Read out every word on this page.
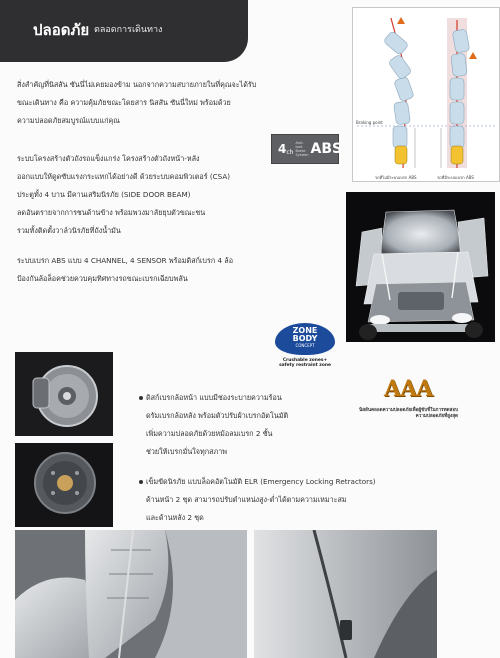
ปลอดภัย ตลอดการเดินทาง
สิ่งสำคัญที่นิสสัน ซันนี่ไม่เคยมองข้าม นอกจากความสบายภายในที่คุณจะได้รับ
ขณะเดินทาง คือ ความคุ้มภัยขณะโดยสาร นิสสัน ซันนี่ใหม่ พร้อมด้วย
ความปลอดภัยสมบูรณ์แบบแก่คุณ
ระบบโครงสร้างตัวถังรถแข็งแกร่ง โครงสร้างตัวถังหน้า-หลัง
ออกแบบให้ดูดซับแรงกระแทกได้อย่างดี ด้วยระบบคอมพิวเตอร์ (CSA)
ประตูทั้ง 4 บาน มีคานเสริมนิรภัย (SIDE DOOR BEAM)
ลดอันตรายจากการชนด้านข้าง พร้อมพวงมาลัยยุบตัวขณะชน
รวมทั้งติดตั้งวาล์วนิรภัยที่ถังน้ำมัน
ระบบเบรก ABS แบบ 4 CHANNEL, 4 SENSOR พร้อมดิสก์เบรก 4 ล้อ
ป้องกันล้อล็อคช่วยควบคุมทิศทางรถขณะเบรกเฉียบพลัน
4 ch
Anti-lock Brake System ABS
Braking point
รถที่ไม่มีระบบเบรก ABS	รถที่มีระบบเบรก ABS
ZONE
BODY
CONCEPT
Crushable zones+
safety restraint zone
AAA
นิสสันคลอดความปลอดภัยเพื่อผู้ขับขี่ในการทดสอบ
ความปลอดภัยที่สูงสุด
ดิสก์เบรกล้อหน้า แบบมีช่องระบายความร้อน
ดรัมเบรกล้อหลัง พร้อมตัวปรับผ้าเบรกอัตโนมัติ
เพิ่มความปลอดภัยด้วยหม้อลมเบรก 2 ชั้น
ช่วยให้เบรกมั่นใจทุกสภาพ
เข็มขัดนิรภัย แบบล็อคอัตโนมัติ ELR (Emergency Locking Retractors)
ด้านหน้า 2 ชุด สามารถปรับตำแหน่งสูง-ต่ำได้ตามความเหมาะสม
และด้านหลัง 2 ชุด
